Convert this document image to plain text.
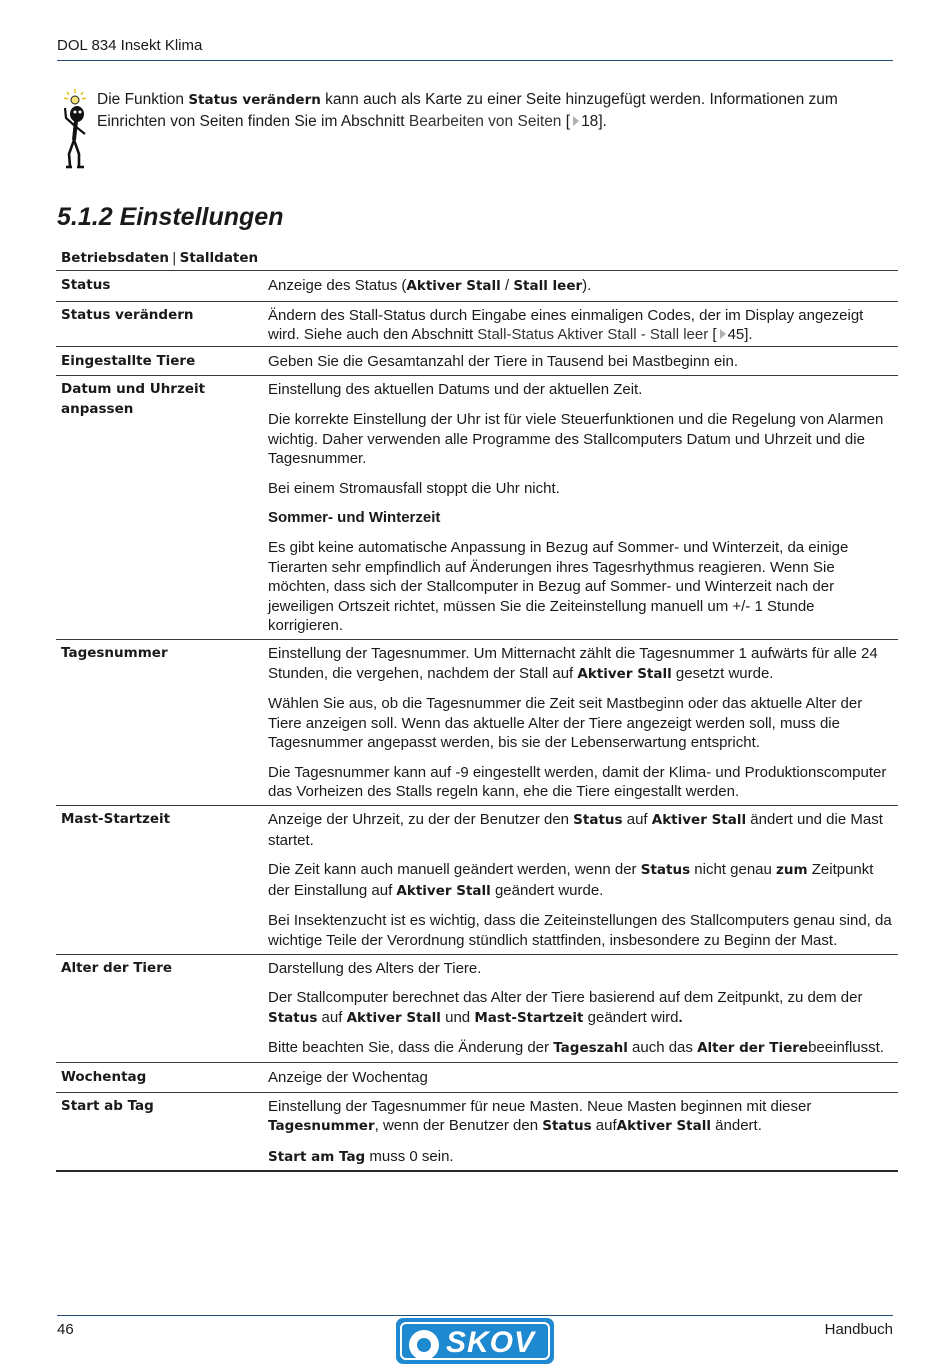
DOL 834 Insekt Klima
Die Funktion Status verändern kann auch als Karte zu einer Seite hinzugefügt werden. Informationen zum Einrichten von Seiten finden Sie im Abschnitt Bearbeiten von Seiten [ 18].
5.1.2 Einstellungen
Betriebsdaten | Stalldaten
Status	Anzeige des Status (Aktiver Stall / Stall leer).

Status verändern	Ändern des Stall-Status durch Eingabe eines einmaligen Codes, der im Display angezeigt wird. Siehe auch den Abschnitt Stall-Status Aktiver Stall - Stall leer [ 45].

Eingestallte Tiere	Geben Sie die Gesamtanzahl der Tiere in Tausend bei Mastbeginn ein.

Datum und Uhrzeit anpassen	Einstellung des aktuellen Datums und der aktuellen Zeit.

Die korrekte Einstellung der Uhr ist für viele Steuerfunktionen und die Regelung von Alarmen wichtig. Daher verwenden alle Programme des Stallcomputers Datum und Uhrzeit und die Tagesnummer.

Bei einem Stromausfall stoppt die Uhr nicht.

Sommer- und Winterzeit

Es gibt keine automatische Anpassung in Bezug auf Sommer- und Winterzeit, da einige Tierarten sehr empfindlich auf Änderungen ihres Tagesrhythmus reagieren. Wenn Sie möchten, dass sich der Stallcomputer in Bezug auf Sommer- und Winterzeit nach der jeweiligen Ortszeit richtet, müssen Sie die Zeiteinstellung manuell um +/- 1 Stunde korrigieren.

Tagesnummer	Einstellung der Tagesnummer. Um Mitternacht zählt die Tagesnummer 1 aufwärts für alle 24 Stunden, die vergehen, nachdem der Stall auf Aktiver Stall gesetzt wurde.

Wählen Sie aus, ob die Tagesnummer die Zeit seit Mastbeginn oder das aktuelle Alter der Tiere anzeigen soll. Wenn das aktuelle Alter der Tiere angezeigt werden soll, muss die Tagesnummer angepasst werden, bis sie der Lebenserwartung entspricht.

Die Tagesnummer kann auf -9 eingestellt werden, damit der Klima- und Produktionscomputer das Vorheizen des Stalls regeln kann, ehe die Tiere eingestallt werden.

Mast-Startzeit	Anzeige der Uhrzeit, zu der der Benutzer den Status auf Aktiver Stall ändert und die Mast startet.

Die Zeit kann auch manuell geändert werden, wenn der Status nicht genau zum Zeitpunkt der Einstallung auf Aktiver Stall geändert wurde.

Bei Insektenzucht ist es wichtig, dass die Zeiteinstellungen des Stallcomputers genau sind, da wichtige Teile der Verordnung stündlich stattfinden, insbesondere zu Beginn der Mast.

Alter der Tiere	Darstellung des Alters der Tiere.

Der Stallcomputer berechnet das Alter der Tiere basierend auf dem Zeitpunkt, zu dem der Status auf Aktiver Stall und Mast-Startzeit geändert wird.

Bitte beachten Sie, dass die Änderung der Tageszahl auch das Alter der Tierebeeinflusst.

Wochentag	Anzeige der Wochentag

Start ab Tag	Einstellung der Tagesnummer für neue Masten. Neue Masten beginnen mit dieser Tagesnummer, wenn der Benutzer den Status aufAktiver Stall ändert.

Start am Tag muss 0 sein.

46	SKOV	Handbuch
